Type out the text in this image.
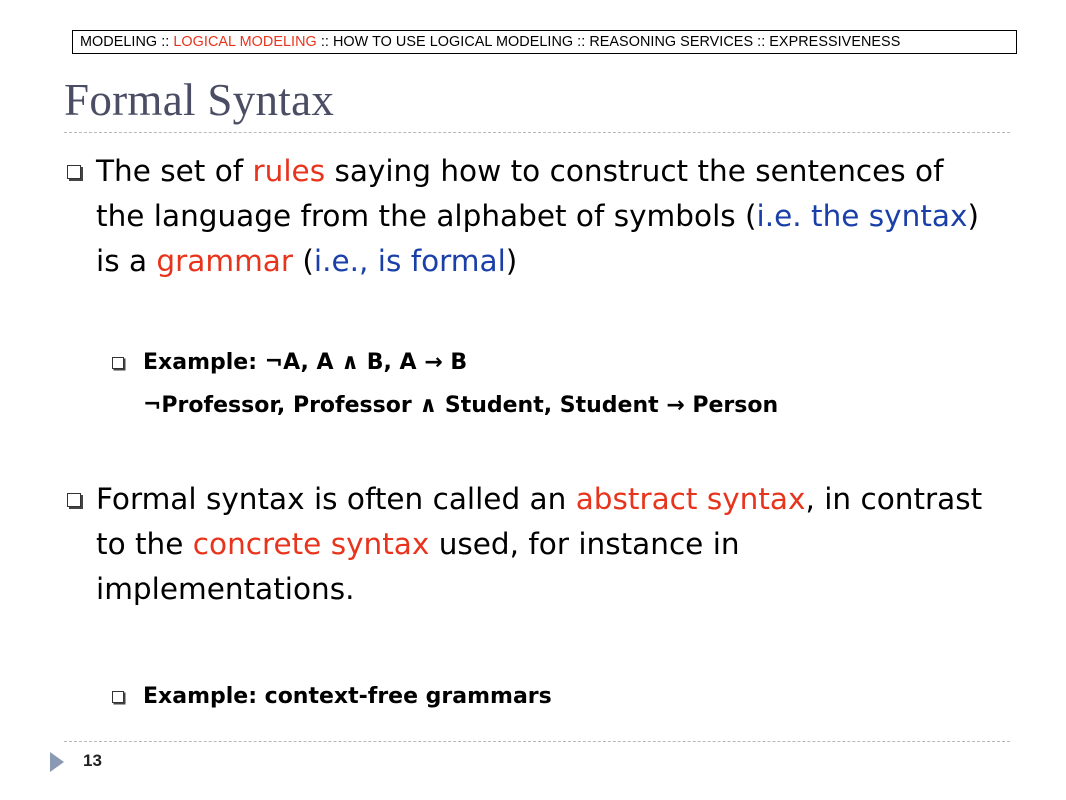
MODELING :: LOGICAL MODELING :: HOW TO USE LOGICAL MODELING :: REASONING SERVICES :: EXPRESSIVENESS
Formal Syntax
The set of rules saying how to construct the sentences of the language from the alphabet of symbols (i.e. the syntax) is a grammar (i.e., is formal)
Example: ¬A, A ∧ B, A → B
¬Professor, Professor ∧ Student, Student → Person
Formal syntax is often called an abstract syntax, in contrast to the concrete syntax used, for instance in implementations.
Example: context-free grammars
13
